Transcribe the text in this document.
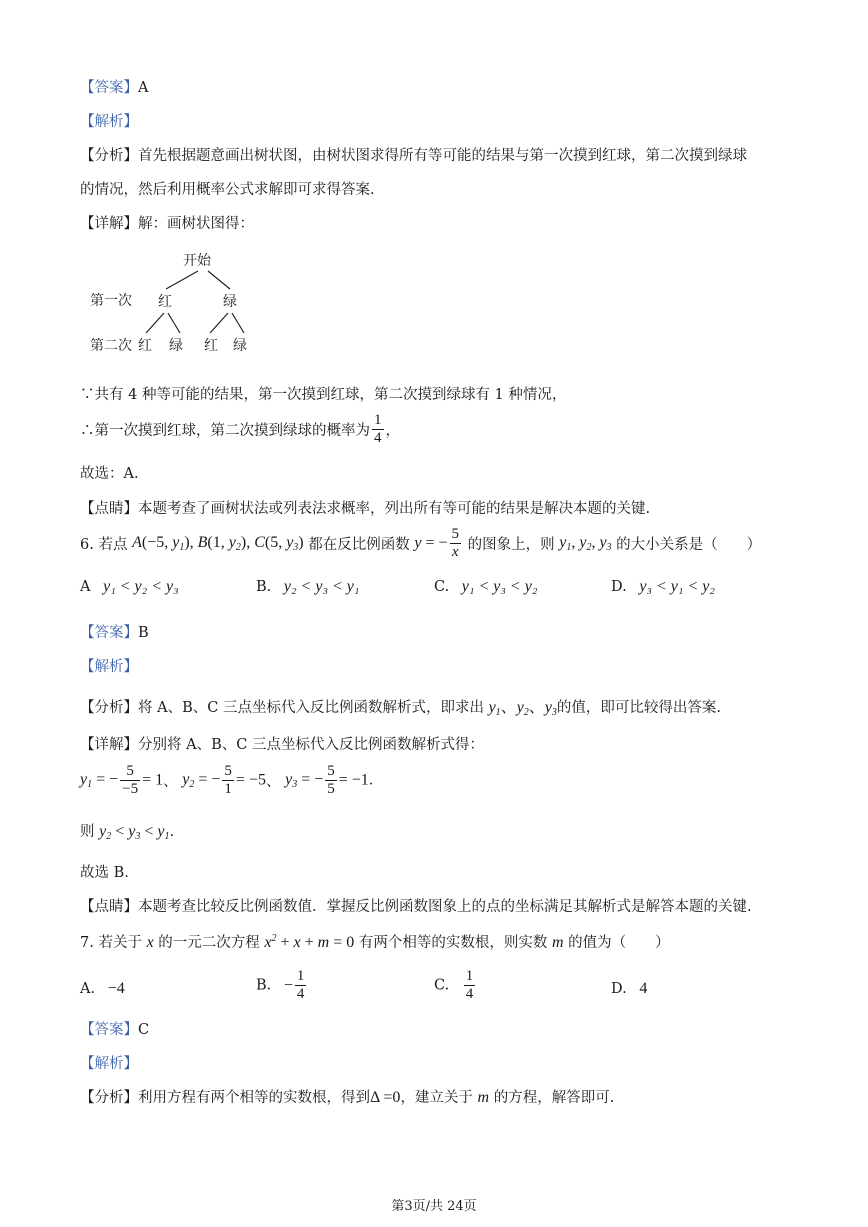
【答案】A
【解析】
【分析】首先根据题意画出树状图，由树状图求得所有等可能的结果与第一次摸到红球，第二次摸到绿球
的情况，然后利用概率公式求解即可求得答案.
【详解】解：画树状图得：
开始
第一次 红	绿
第二次 红 绿 红 绿
∵共有 4 种等可能的结果，第一次摸到红球，第二次摸到绿球有 1 种情况，
∴第一次摸到红球，第二次摸到绿球的概率为 $\frac{1}{4}$ ，
故选：A.
【点睛】本题考查了画树状法或列表法求概率，列出所有等可能的结果是解决本题的关键.
6. 若点 A(−5, $y_1$), B(1, $y_2$), C(5, $y_3$) 都在反比例函数 y = − $\frac{5}{x}$ 的图象上，则 $y_1$, $y_2$, $y_3$ 的大小关系是（　　）
A y₁ < y₂ < y₃	B. y₂ < y₃ < y₁	C. y₁ < y₃ < y₂	D. y₃ < y₁ < y₂
【答案】B
【解析】
【分析】将 A、B、C 三点坐标代入反比例函数解析式，即求出 $y_1$、$y_2$、$y_3$的值，即可比较得出答案.
【详解】分别将 A、B、C 三点坐标代入反比例函数解析式得：
$y_1$ = − $\frac{5}{-5} = 1$、 $y_2$ = − $\frac{5}{1} = -5$、 $y_3$ = − $\frac{5}{5} = -1$.
则 $y_2 < y_3 < y_1$.
故选 B.
【点睛】本题考查比较反比例函数值．掌握反比例函数图象上的点的坐标满足其解析式是解答本题的关键.
7. 若关于 x 的一元二次方程 $x^2 + x + m = 0$ 有两个相等的实数根，则实数 m 的值为（　　）
A. −4	B. − $\frac{1}{4}$	C. $\frac{1}{4}$	D. 4
【答案】C
【解析】
【分析】利用方程有两个相等的实数根，得到Δ =0，建立关于 m 的方程，解答即可.
第3页/共 24页
